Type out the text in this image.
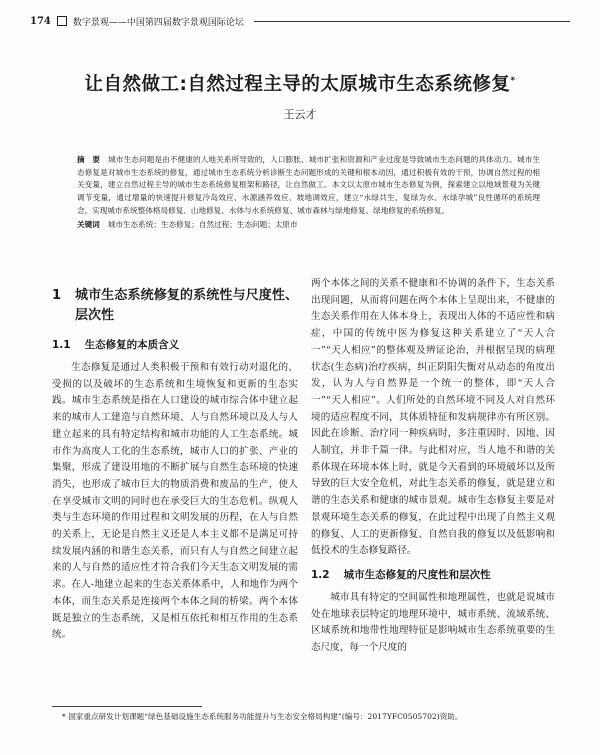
174 数字景观——中国第四届数字景观国际论坛
让自然做工:自然过程主导的太原城市生态系统修复*
王云才
摘　要 城市生态问题是由不健康的人地关系所导致的，人口膨胀、城市扩张和资源和产业过度是导致城市生态问题的具体动力。城市生态修复是对城市生态系统的修复，通过城市生态系统分析诊断生态问题形成的关键和根本动因，通过积极有效的干预，协调自然过程的相关变量，建立自然过程主导的城市生态系统修复框架和路径，让自然做工。本文以太原市城市生态修复为例，探索建立以地域景观为关键调节变量，通过增量的快速提升修复冷岛效应、水源涵养效应、坡地调效应，建立“水绿共生、复绿为水、水绿孕城”良性循环的系统理念，实现城市系统整体格局修复、山地修复、水体与水系统修复、城市森林与绿地修复、绿地修复的系统修复。
关键词 城市生态系统；生态修复；自然过程；生态问题；太原市
1 城市生态系统修复的系统性与尺度性、层次性
1.1 生态修复的本质含义

生态修复是通过人类积极干预和有效行动对退化的、受损的以及破坏的生态系统和生境恢复和更新的生态实践。城市生态系统是指在人口建设的城市综合体中建立起来的城市人工建造与自然环境、人与自然环境以及人与人建立起来的具有特定结构和城市功能的人工生态系统。城市作为高度人工化的生态系统，城市人口的扩张、产业的集聚，形成了建设用地的不断扩展与自然生态环境的快速消失，也形成了城市巨大的物质消费和废品的生产，使人在享受城市文明的同时也在承受巨大的生态危机。纵观人类与生态环境的作用过程和文明发展的历程，在人与自然的关系上，无论是自然主义还是人本主义都不是满足可持续发展内涵的和谐生态关系，而只有人与自然之间建立起来的人与自然的适应性才符合我们今天生态文明发展的需求。在人-地建立起来的生态关系体系中，人和地作为两个本体，而生态关系是连接两个本体之间的桥梁。两个本体既是独立的生态系统，又是相互依托和相互作用的生态系统。

两个本体之间的关系不健康和不协调的条件下，生态关系出现问题，从而将问题在两个本体上呈现出来，不健康的生态关系作用在人体本身上，表现出人体的不适应性和病症，中国的传统中医为修复这种关系建立了“天人合一”“天人相应”的整体观及辨证论治，并根据呈现的病理状态(生态病)治疗疾病，纠正阴阳失衡对从动态的角度出发，认为人与自然界是一个统一的整体，即“天人合一”“天人相应”。人们所处的自然环境不同及人对自然环境的适应程度不同，其体质特征和发病规律亦有所区别。因此在诊断、治疗同一种疾病时，多注重因时、因地、因人制宜，并非千篇一律。与此相对应，当人地不和谐的关系体现在环境本体上时，就是今天看到的环境破坏以及所导致的巨大安全危机，对此生态关系的修复，就是建立和谐的生态关系和健康的城市景观。城市生态修复主要是对景观环境生态关系的修复，在此过程中出现了自然主义观的修复、人工的更新修复、自然自我的修复以及低影响和低投术的生态修复路径。

1.2 城市生态修复的尺度性和层次性

城市具有特定的空间属性和地理属性，也就是说城市处在地球表层特定的地理环境中，城市系统、流域系统、区域系统和地带性地理特征是影响城市生态系统重要的生态尺度，每一个尺度的

* 国家重点研发计划课题“绿色基础设施生态系统服务功能提升与生态安全格局构建”(编号：2017YFC0505702)资助。
